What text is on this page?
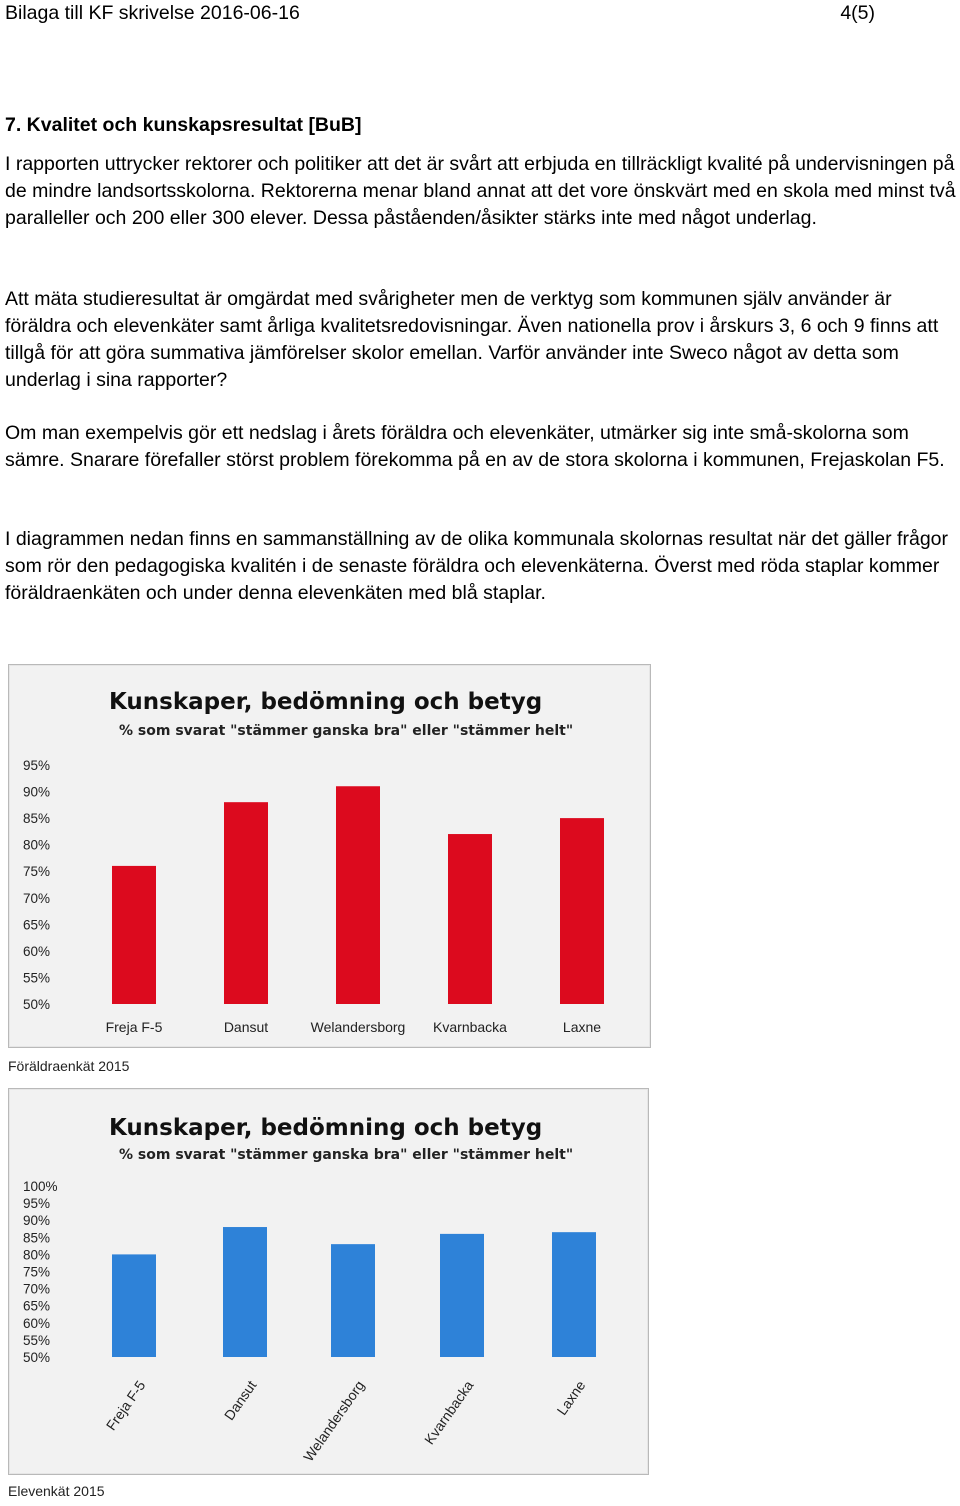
Bilaga till KF skrivelse 2016-06-16	4(5)
7. Kvalitet och kunskapsresultat [BuB]

I rapporten uttrycker rektorer och politiker att det är svårt att erbjuda en tillräckligt kvalité på undervisningen på de mindre landsortsskolorna. Rektorerna menar bland annat att det vore önskvärt med en skola med minst två paralleller och 200 eller 300 elever. Dessa påståenden/åsikter stärks inte med något underlag.

Att mäta studieresultat är omgärdat med svårigheter men de verktyg som kommunen själv använder är föräldra och elevenkäter samt årliga kvalitetsredovisningar. Även nationella prov i årskurs 3, 6 och 9 finns att tillgå för att göra summativa jämförelser skolor emellan. Varför använder inte Sweco något av detta som underlag i sina rapporter?

Om man exempelvis gör ett nedslag i årets föräldra och elevenkäter, utmärker sig inte små-skolorna som sämre. Snarare förefaller störst problem förekomma på en av de stora skolorna i kommunen, Frejaskolan F5.

I diagrammen nedan finns en sammanställning av de olika kommunala skolornas resultat när det gäller frågor som rör den pedagogiska kvalitén i de senaste föräldra och elevenkäterna. Överst med röda staplar kommer föräldraenkäten och under denna elevenkäten med blå staplar.

Kunskaper, bedömning och betyg
% som svarat "stämmer ganska bra" eller "stämmer helt"
95%
90%
85%
80%
75%
70%
65%
60%
55%
50%
Freja F-5	Dansut	Welandersborg Kvarnbacka	Laxne
Föräldraenkät 2015
Kunskaper, bedömning och betyg
% som svarat "stämmer ganska bra" eller "stämmer helt"
100%
95%
90%
85%
80%
75%
70%
65%
60%
55%
50%
Freja F-5	Dansut	Welandersborg	Kvarnbacka	Laxne
Elevenkät 2015
